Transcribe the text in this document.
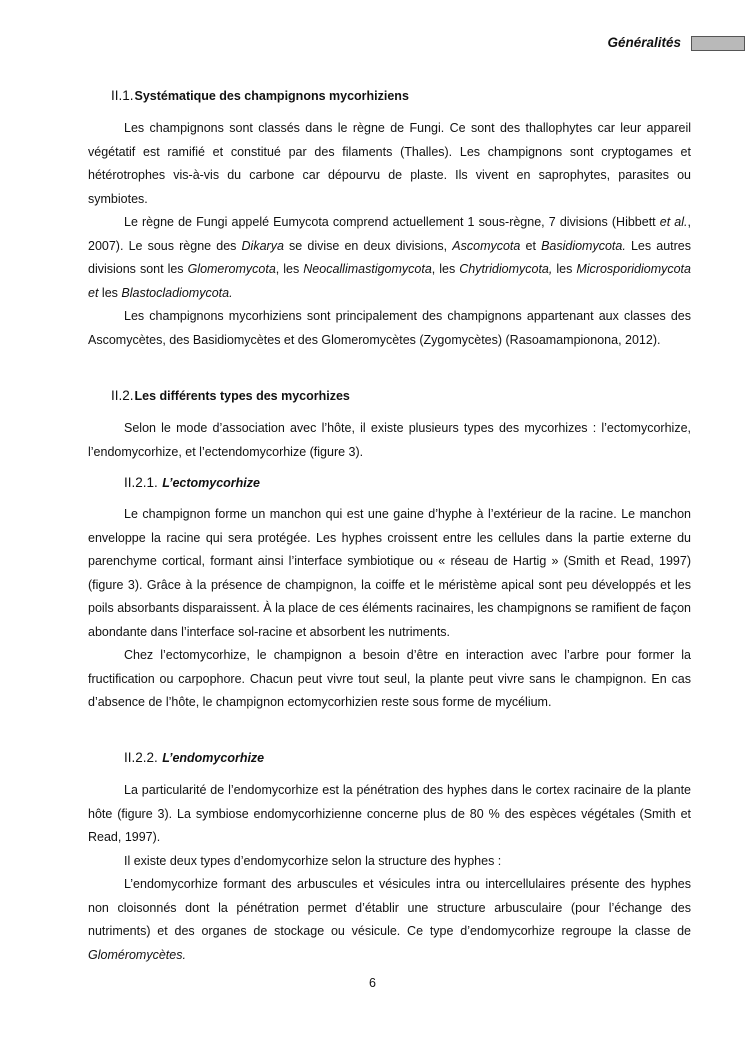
Généralités
II.1.Systématique des champignons mycorhiziens

Les champignons sont classés dans le règne de Fungi. Ce sont des thallophytes car leur appareil végétatif est ramifié et constitué par des filaments (Thalles). Les champignons sont cryptogames et hétérotrophes vis-à-vis du carbone car dépourvu de plaste. Ils vivent en saprophytes, parasites ou symbiotes.

Le règne de Fungi appelé Eumycota comprend actuellement 1 sous-règne, 7 divisions (Hibbett et al., 2007). Le sous règne des Dikarya se divise en deux divisions, Ascomycota et Basidiomycota. Les autres divisions sont les Glomeromycota, les Neocallimastigomycota, les Chytridiomycota, les Microsporidiomycota et les Blastocladiomycota.

Les champignons mycorhiziens sont principalement des champignons appartenant aux classes des Ascomycètes, des Basidiomycètes et des Glomeromycètes (Zygomycètes) (Rasoamampionona, 2012).

II.2.Les différents types des mycorhizes

Selon le mode d’association avec l’hôte, il existe plusieurs types des mycorhizes : l’ectomycorhize, l’endomycorhize, et l’ectendomycorhize (figure 3).

II.2.1. L’ectomycorhize

Le champignon forme un manchon qui est une gaine d’hyphe à l’extérieur de la racine. Le manchon enveloppe la racine qui sera protégée. Les hyphes croissent entre les cellules dans la partie externe du parenchyme cortical, formant ainsi l’interface symbiotique ou « réseau de Hartig » (Smith et Read, 1997) (figure 3). Grâce à la présence de champignon, la coiffe et le méristème apical sont peu développés et les poils absorbants disparaissent. À la place de ces éléments racinaires, les champignons se ramifient de façon abondante dans l’interface sol-racine et absorbent les nutriments.

Chez l’ectomycorhize, le champignon a besoin d’être en interaction avec l’arbre pour former la fructification ou carpophore. Chacun peut vivre tout seul, la plante peut vivre sans le champignon. En cas d’absence de l’hôte, le champignon ectomycorhizien reste sous forme de mycélium.

II.2.2. L’endomycorhize

La particularité de l’endomycorhize est la pénétration des hyphes dans le cortex racinaire de la plante hôte (figure 3). La symbiose endomycorhizienne concerne plus de 80 % des espèces végétales (Smith et Read, 1997).

Il existe deux types d’endomycorhize selon la structure des hyphes :

L’endomycorhize formant des arbuscules et vésicules intra ou intercellulaires présente des hyphes non cloisonnés dont la pénétration permet d’établir une structure arbusculaire (pour l’échange des nutriments) et des organes de stockage ou vésicule. Ce type d’endomycorhize regroupe la classe de Gloméromycètes.

6
